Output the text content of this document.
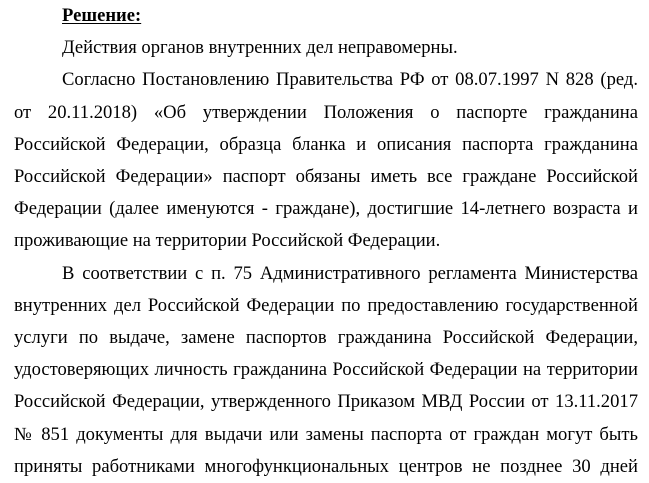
Решение:

Действия органов внутренних дел неправомерны.

Согласно Постановлению Правительства РФ от 08.07.1997 N 828 (ред.
от 20.11.2018) «Об утверждении Положения о паспорте гражданина
Российской Федерации, образца бланка и описания паспорта гражданина
Российской Федерации» паспорт обязаны иметь все граждане Российской
Федерации (далее именуются - граждане), достигшие 14-летнего возраста и
проживающие на территории Российской Федерации.

В соответствии с п. 75 Административного регламента Министерства
внутренних дел Российской Федерации по предоставлению государственной
услуги по выдаче, замене паспортов гражданина Российской Федерации,
удостоверяющих личность гражданина Российской Федерации на территории
Российской Федерации, утвержденного Приказом МВД России от 13.11.2017
№ 851 документы для выдачи или замены паспорта от граждан могут быть
приняты работниками многофункциональных центров не позднее 30 дней
